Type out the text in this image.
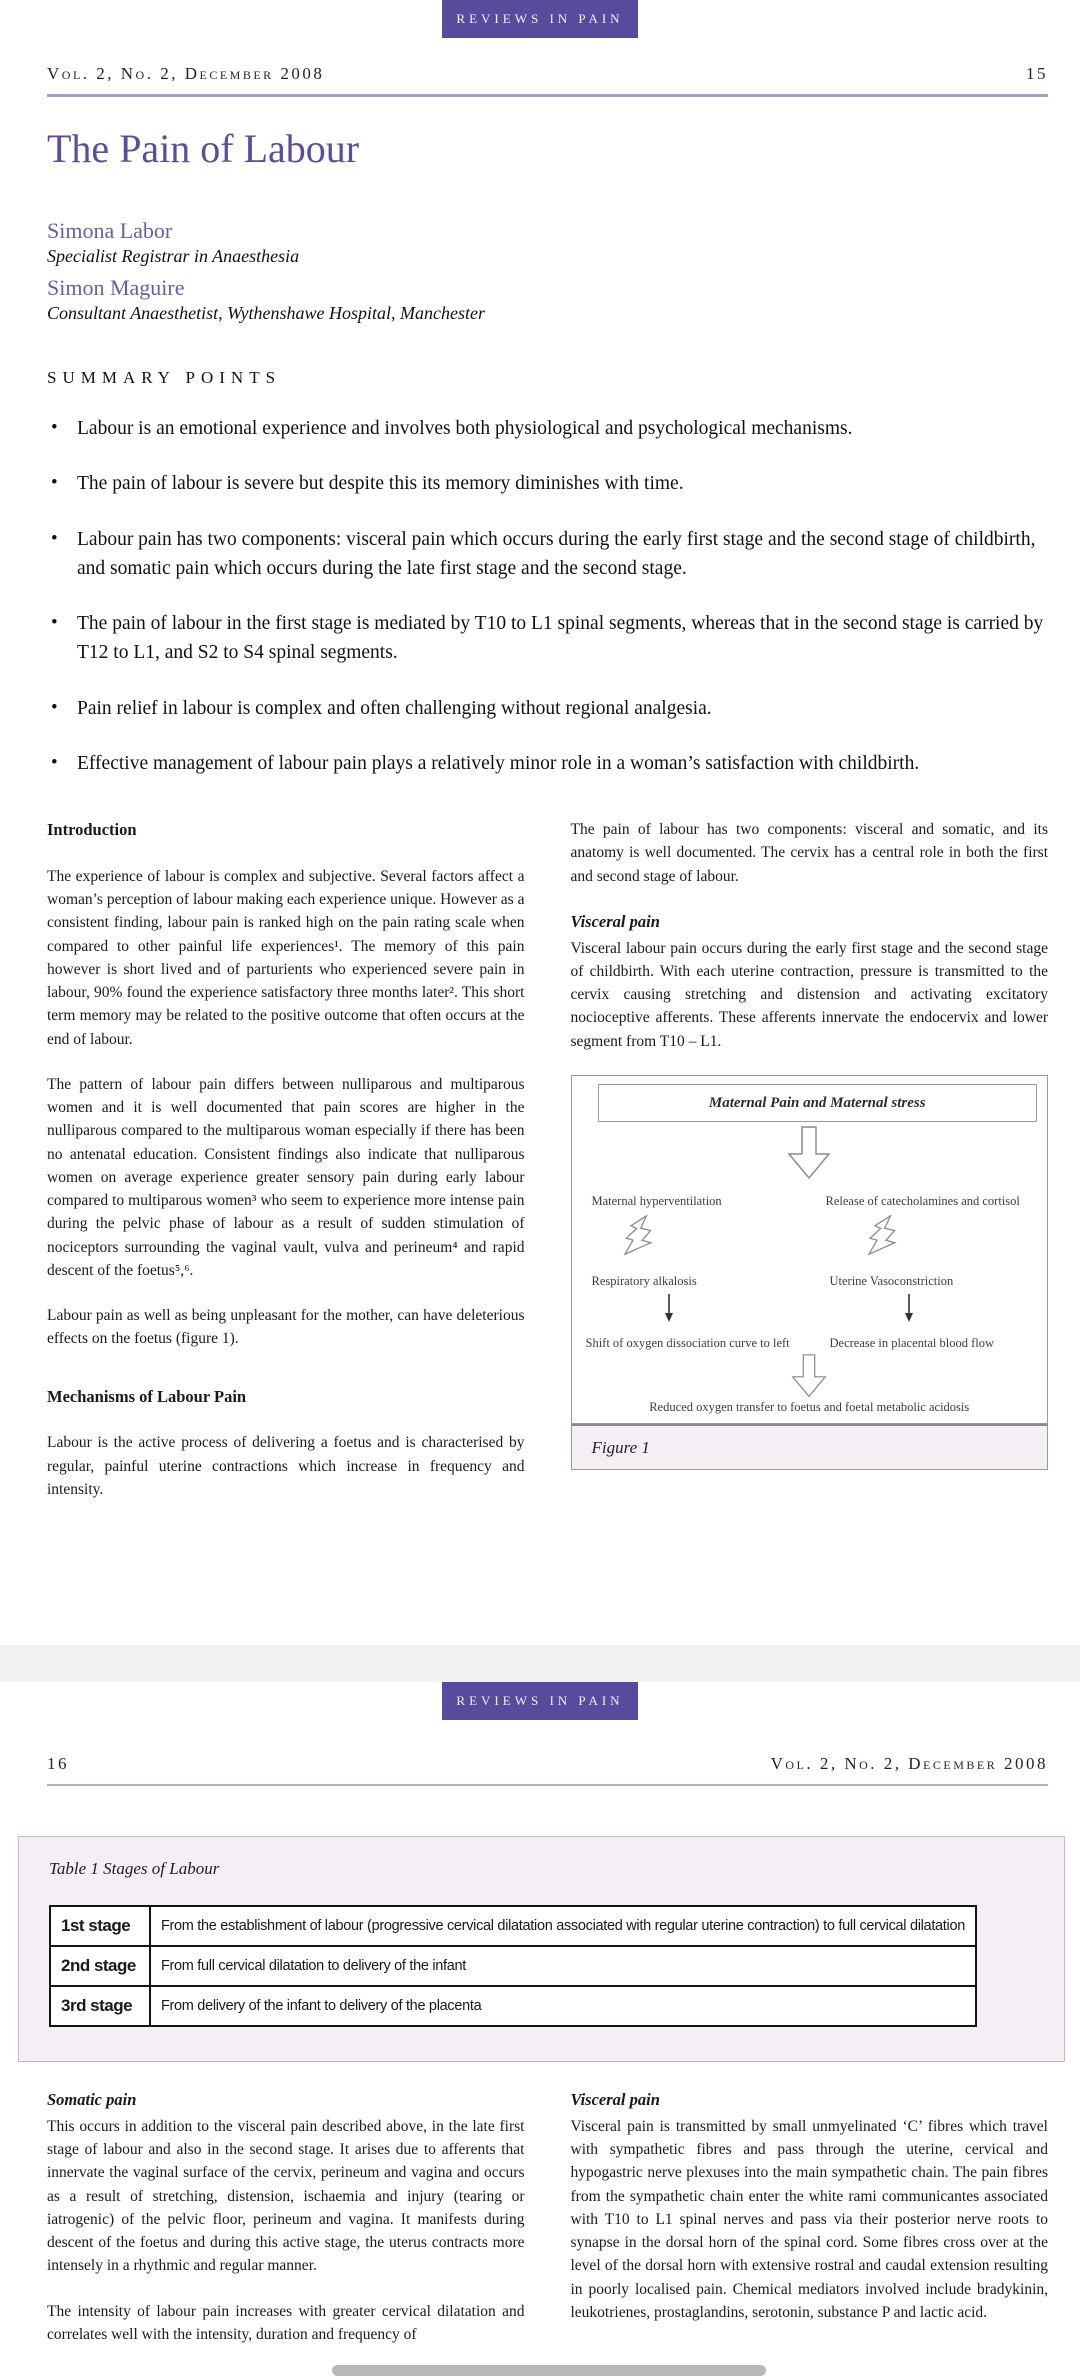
REVIEWS IN PAIN
Vol. 2, No. 2, December 2008	15
The Pain of Labour
Simona Labor
Specialist Registrar in Anaesthesia
Simon Maguire
Consultant Anaesthetist, Wythenshawe Hospital, Manchester
SUMMARY POINTS
• Labour is an emotional experience and involves both physiological and psychological mechanisms.
• The pain of labour is severe but despite this its memory diminishes with time.
• Labour pain has two components: visceral pain which occurs during the early first stage and the second stage of childbirth, and somatic pain which occurs during the late first stage and the second stage.
• The pain of labour in the first stage is mediated by T10 to L1 spinal segments, whereas that in the second stage is carried by T12 to L1, and S2 to S4 spinal segments.
• Pain relief in labour is complex and often challenging without regional analgesia.
• Effective management of labour pain plays a relatively minor role in a woman’s satisfaction with childbirth.
Introduction

The experience of labour is complex and subjective. Several factors affect a woman’s perception of labour making each experience unique. However as a consistent finding, labour pain is ranked high on the pain rating scale when compared to other painful life experiences¹. The memory of this pain however is short lived and of parturients who experienced severe pain in labour, 90% found the experience satisfactory three months later². This short term memory may be related to the positive outcome that often occurs at the end of labour.

The pattern of labour pain differs between nulliparous and multiparous women and it is well documented that pain scores are higher in the nulliparous compared to the multiparous woman especially if there has been no antenatal education. Consistent findings also indicate that nulliparous women on average experience greater sensory pain during early labour compared to multiparous women³ who seem to experience more intense pain during the pelvic phase of labour as a result of sudden stimulation of nociceptors surrounding the vaginal vault, vulva and perineum⁴ and rapid descent of the foetus⁵,⁶.

Labour pain as well as being unpleasant for the mother, can have deleterious effects on the foetus (figure 1).

Mechanisms of Labour Pain

Labour is the active process of delivering a foetus and is characterised by regular, painful uterine contractions which increase in frequency and intensity.

The pain of labour has two components: visceral and somatic, and its anatomy is well documented. The cervix has a central role in both the first and second stage of labour.

Visceral pain

Visceral labour pain occurs during the early first stage and the second stage of childbirth. With each uterine contraction, pressure is transmitted to the cervix causing stretching and distension and activating excitatory nocioceptive afferents. These afferents innervate the endocervix and lower segment from T10 – L1.

Maternal Pain and Maternal stress
Maternal hyperventilation	Release of catecholamines and cortisol
Respiratory alkalosis	Uterine Vasoconstriction
Shift of oxygen dissociation curve to left	Decrease in placental blood flow
Reduced oxygen transfer to foetus and foetal metabolic acidosis
Figure 1
REVIEWS IN PAIN
16	Vol. 2, No. 2, December 2008
Table 1 Stages of Labour
1st stage	From the establishment of labour (progressive cervical dilatation associated with regular uterine contraction) to full cervical dilatation
2nd stage	From full cervical dilatation to delivery of the infant
3rd stage	From delivery of the infant to delivery of the placenta
Somatic pain

This occurs in addition to the visceral pain described above, in the late first stage of labour and also in the second stage. It arises due to afferents that innervate the vaginal surface of the cervix, perineum and vagina and occurs as a result of stretching, distension, ischaemia and injury (tearing or iatrogenic) of the pelvic floor, perineum and vagina. It manifests during descent of the foetus and during this active stage, the uterus contracts more intensely in a rhythmic and regular manner.

The intensity of labour pain increases with greater cervical dilatation and correlates well with the intensity, duration and frequency of

Visceral pain

Visceral pain is transmitted by small unmyelinated ‘C’ fibres which travel with sympathetic fibres and pass through the uterine, cervical and hypogastric nerve plexuses into the main sympathetic chain. The pain fibres from the sympathetic chain enter the white rami communicantes associated with T10 to L1 spinal nerves and pass via their posterior nerve roots to synapse in the dorsal horn of the spinal cord. Some fibres cross over at the level of the dorsal horn with extensive rostral and caudal extension resulting in poorly localised pain. Chemical mediators involved include bradykinin, leukotrienes, prostaglandins, serotonin, substance P and lactic acid.
